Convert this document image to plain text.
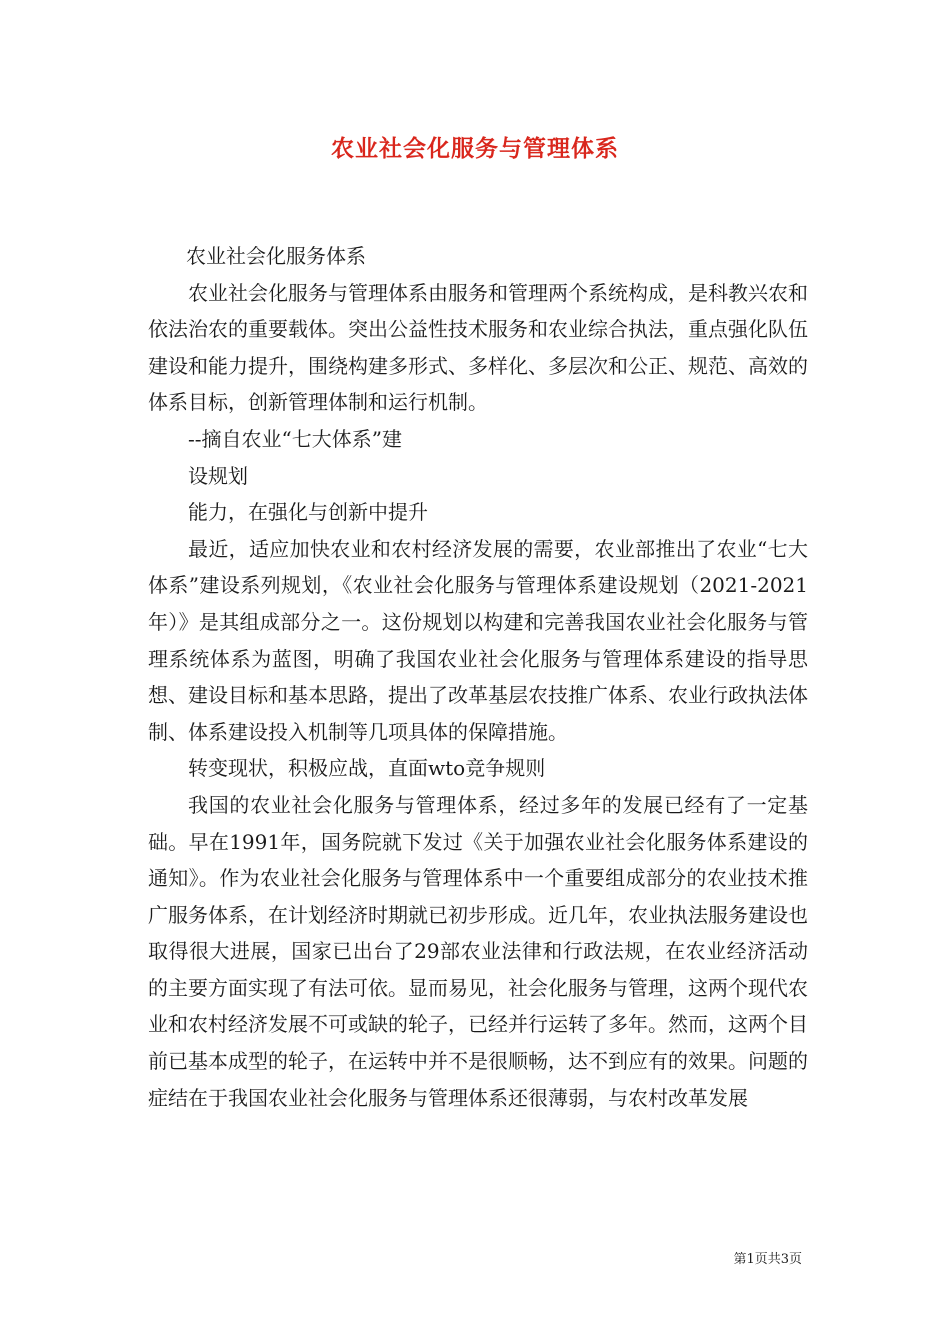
农业社会化服务与管理体系

农业社会化服务体系

农业社会化服务与管理体系由服务和管理两个系统构成，是科教兴农和依法治农的重要载体。突出公益性技术服务和农业综合执法，重点强化队伍建设和能力提升，围绕构建多形式、多样化、多层次和公正、规范、高效的体系目标，创新管理体制和运行机制。

--摘自农业“七大体系”建

设规划

能力，在强化与创新中提升

最近，适应加快农业和农村经济发展的需要，农业部推出了农业“七大体系”建设系列规划，《农业社会化服务与管理体系建设规划（2021-2021年）》是其组成部分之一。这份规划以构建和完善我国农业社会化服务与管理系统体系为蓝图，明确了我国农业社会化服务与管理体系建设的指导思想、建设目标和基本思路，提出了改革基层农技推广体系、农业行政执法体制、体系建设投入机制等几项具体的保障措施。

转变现状，积极应战，直面wto竞争规则

我国的农业社会化服务与管理体系，经过多年的发展已经有了一定基础。早在1991年，国务院就下发过《关于加强农业社会化服务体系建设的通知》。作为农业社会化服务与管理体系中一个重要组成部分的农业技术推广服务体系，在计划经济时期就已初步形成。近几年，农业执法服务建设也取得很大进展，国家已出台了29部农业法律和行政法规，在农业经济活动的主要方面实现了有法可依。显而易见，社会化服务与管理，这两个现代农业和农村经济发展不可或缺的轮子，已经并行运转了多年。然而，这两个目前已基本成型的轮子，在运转中并不是很顺畅，达不到应有的效果。问题的症结在于我国农业社会化服务与管理体系还很薄弱，与农村改革发展

第1页共3页
